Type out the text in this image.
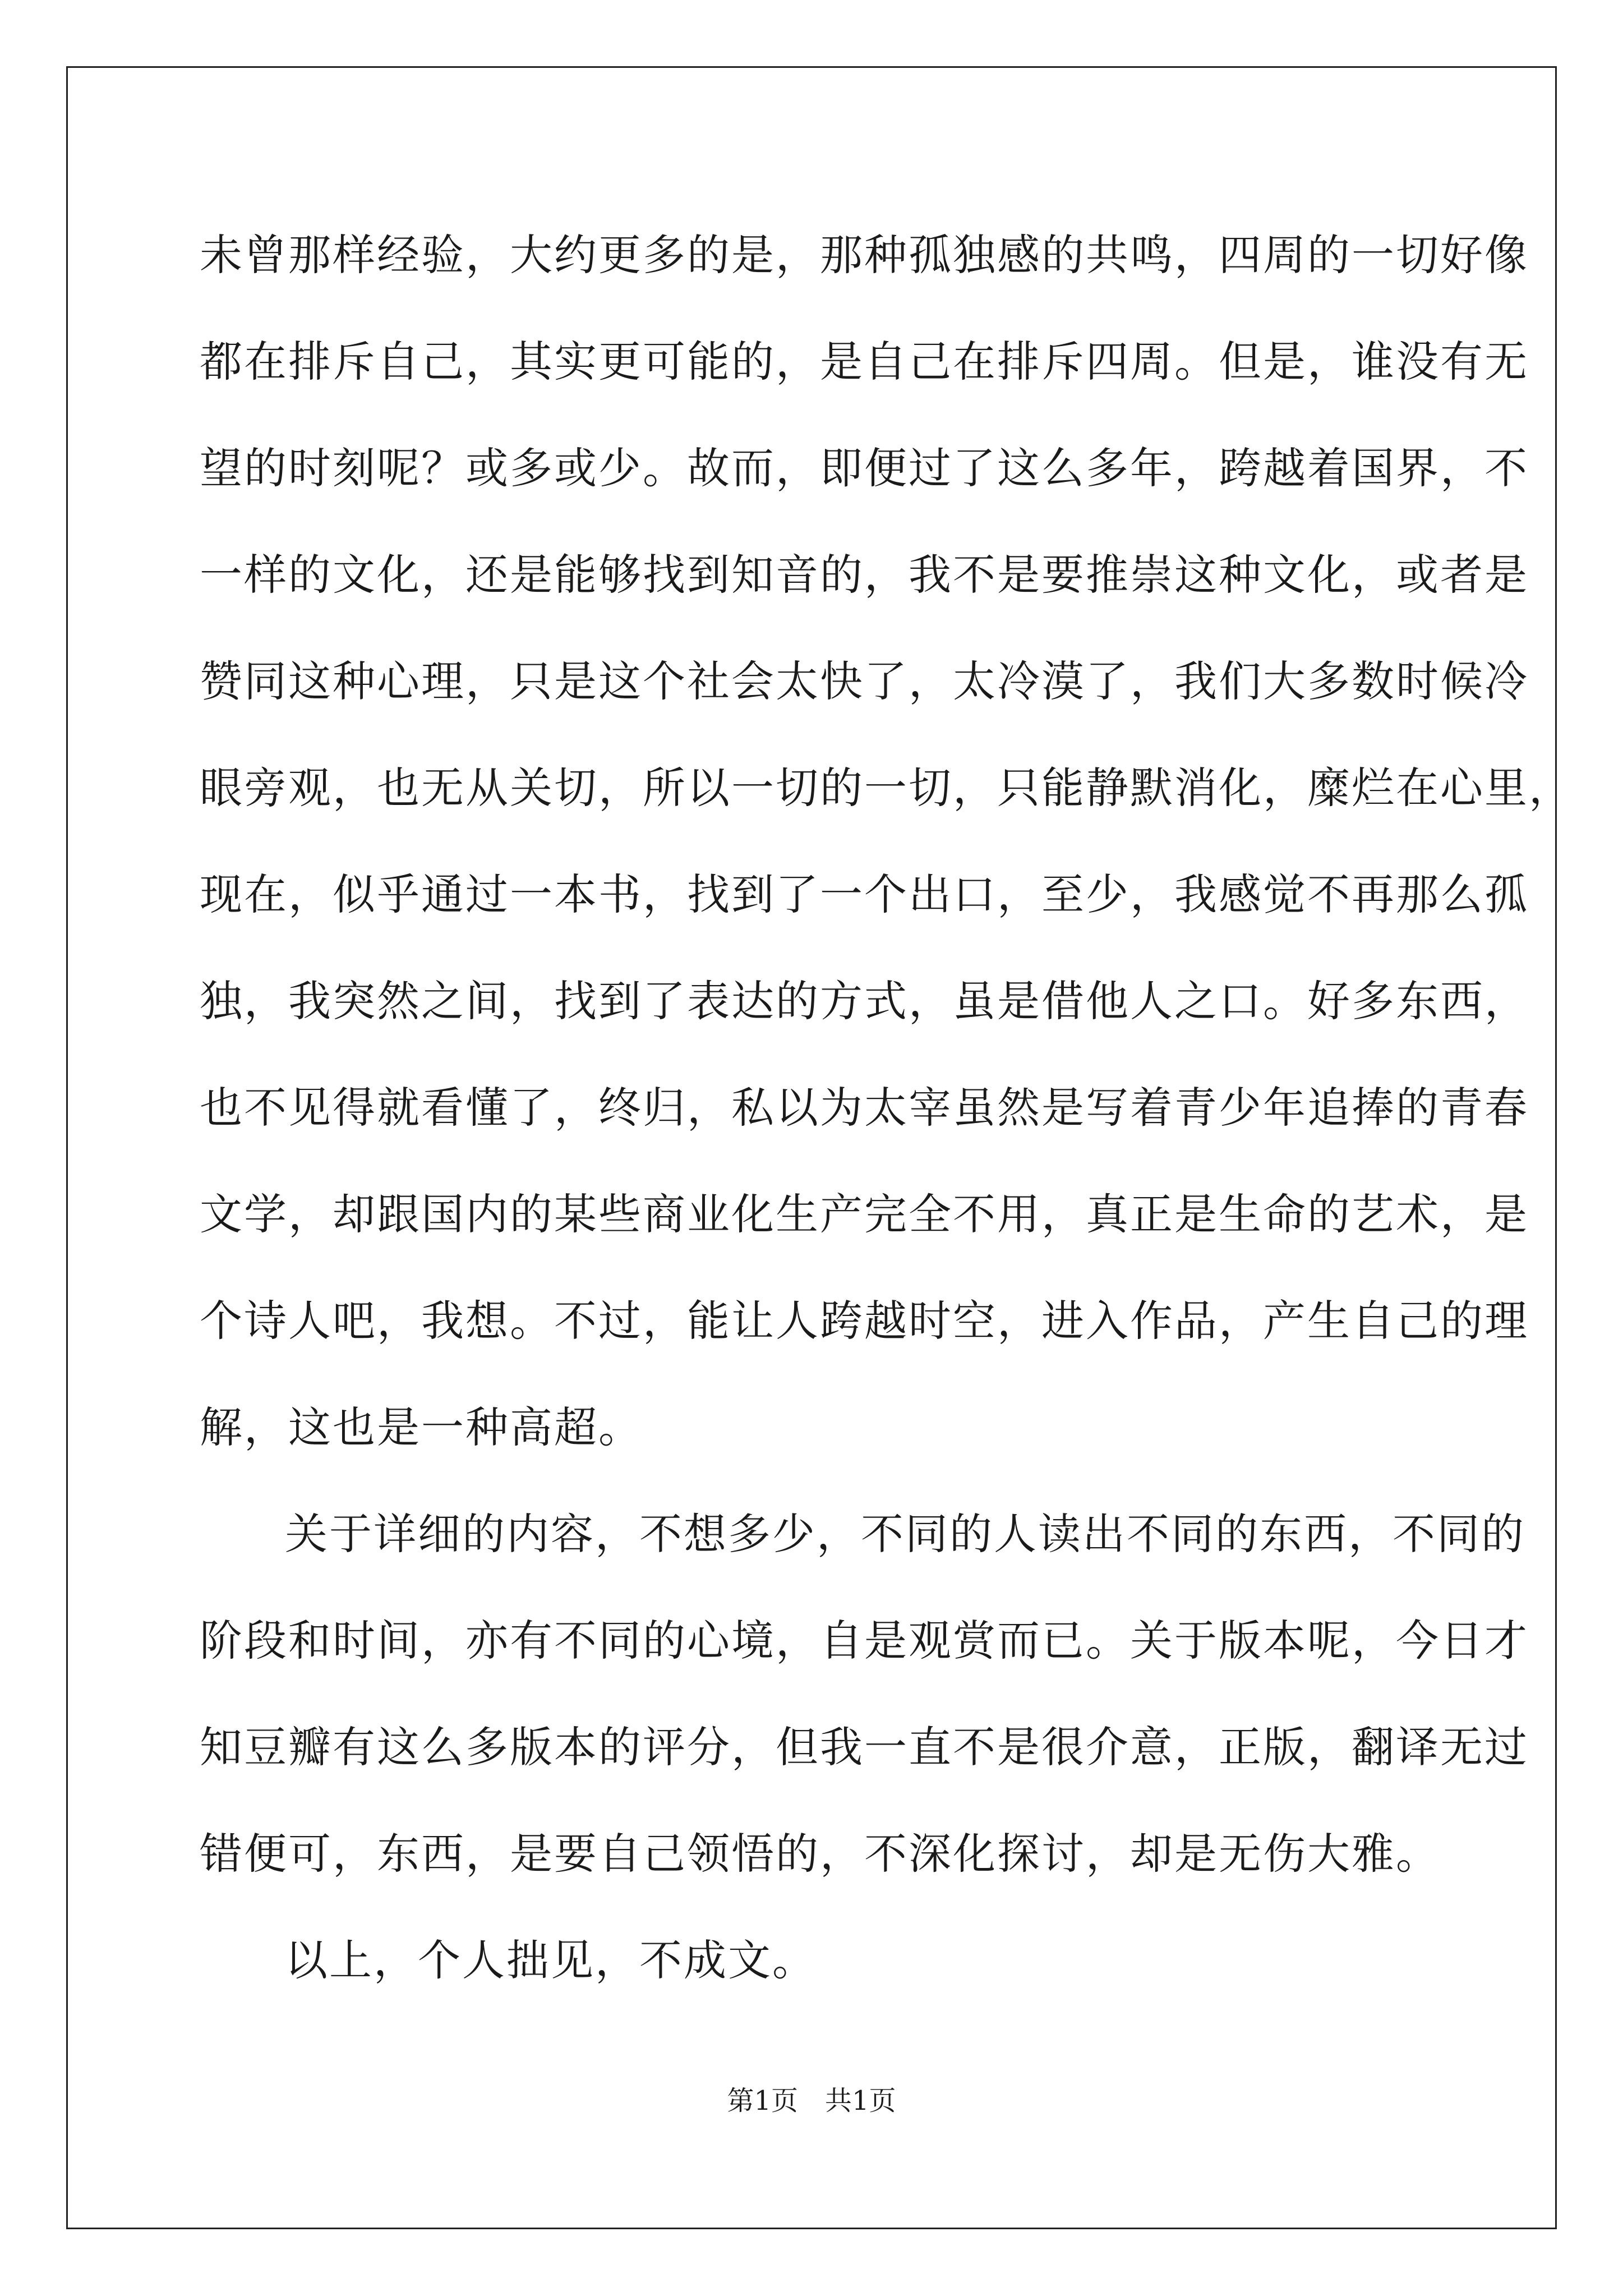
未曾那样经验，大约更多的是，那种孤独感的共鸣，四周的一切好像
都在排斥自己，其实更可能的，是自己在排斥四周。但是，谁没有无
望的时刻呢？或多或少。故而，即便过了这么多年，跨越着国界，不
一样的文化，还是能够找到知音的，我不是要推崇这种文化，或者是
赞同这种心理，只是这个社会太快了，太冷漠了，我们大多数时候冷
眼旁观，也无从关切，所以一切的一切，只能静默消化，糜烂在心里，
现在，似乎通过一本书，找到了一个出口，至少，我感觉不再那么孤
独，我突然之间，找到了表达的方式，虽是借他人之口。好多东西，
也不见得就看懂了，终归，私以为太宰虽然是写着青少年追捧的青春
文学，却跟国内的某些商业化生产完全不用，真正是生命的艺术，是
个诗人吧，我想。不过，能让人跨越时空，进入作品，产生自己的理
解，这也是一种高超。
关于详细的内容，不想多少，不同的人读出不同的东西，不同的
阶段和时间，亦有不同的心境，自是观赏而已。关于版本呢，今日才
知豆瓣有这么多版本的评分，但我一直不是很介意，正版，翻译无过
错便可，东西，是要自己领悟的，不深化探讨，却是无伤大雅。
以上，个人拙见，不成文。
第1页　共1页
